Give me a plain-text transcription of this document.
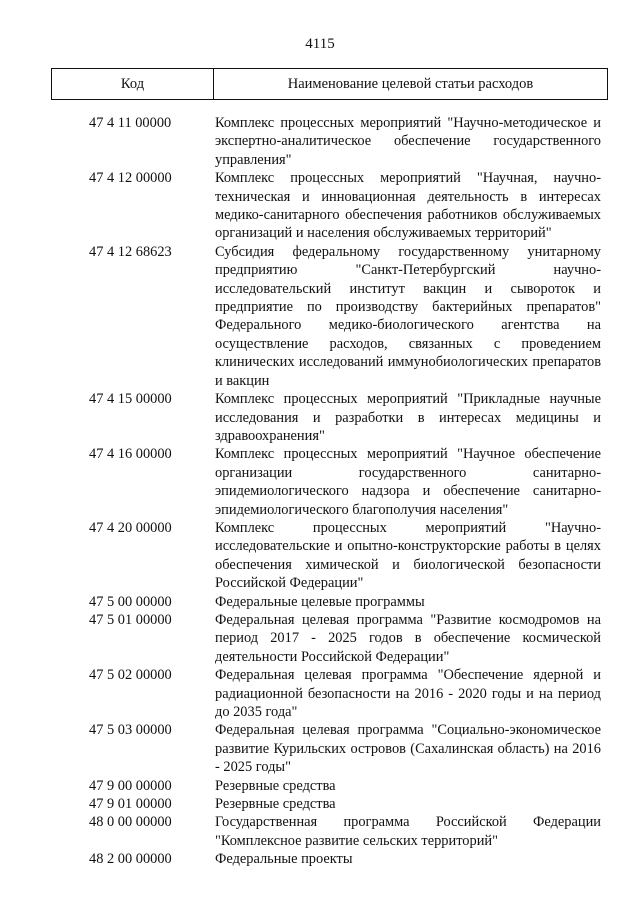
4115
Код	Наименование целевой статьи расходов
47 4 11 00000	Комплекс процессных мероприятий "Научно-методическое и экспертно-аналитическое обеспечение государственного управления"
47 4 12 00000	Комплекс процессных мероприятий "Научная, научно-техническая и инновационная деятельность в интересах медико-санитарного обеспечения работников обслуживаемых организаций и населения обслуживаемых территорий"
47 4 12 68623	Субсидия федеральному государственному унитарному предприятию "Санкт-Петербургский научно-исследовательский институт вакцин и сывороток и предприятие по производству бактерийных препаратов" Федерального медико-биологического агентства на осуществление расходов, связанных с проведением клинических исследований иммунобиологических препаратов и вакцин
47 4 15 00000	Комплекс процессных мероприятий "Прикладные научные исследования и разработки в интересах медицины и здравоохранения"
47 4 16 00000	Комплекс процессных мероприятий "Научное обеспечение организации государственного санитарно-эпидемиологического надзора и обеспечение санитарно-эпидемиологического благополучия населения"
47 4 20 00000	Комплекс процессных мероприятий "Научно-исследовательские и опытно-конструкторские работы в целях обеспечения химической и биологической безопасности Российской Федерации"
47 5 00 00000	Федеральные целевые программы
47 5 01 00000	Федеральная целевая программа "Развитие космодромов на период 2017 - 2025 годов в обеспечение космической деятельности Российской Федерации"
47 5 02 00000	Федеральная целевая программа "Обеспечение ядерной и радиационной безопасности на 2016 - 2020 годы и на период до 2035 года"
47 5 03 00000	Федеральная целевая программа "Социально-экономическое развитие Курильских островов (Сахалинская область) на 2016 - 2025 годы"
47 9 00 00000	Резервные средства
47 9 01 00000	Резервные средства
48 0 00 00000	Государственная программа Российской Федерации "Комплексное развитие сельских территорий"
48 2 00 00000	Федеральные проекты
